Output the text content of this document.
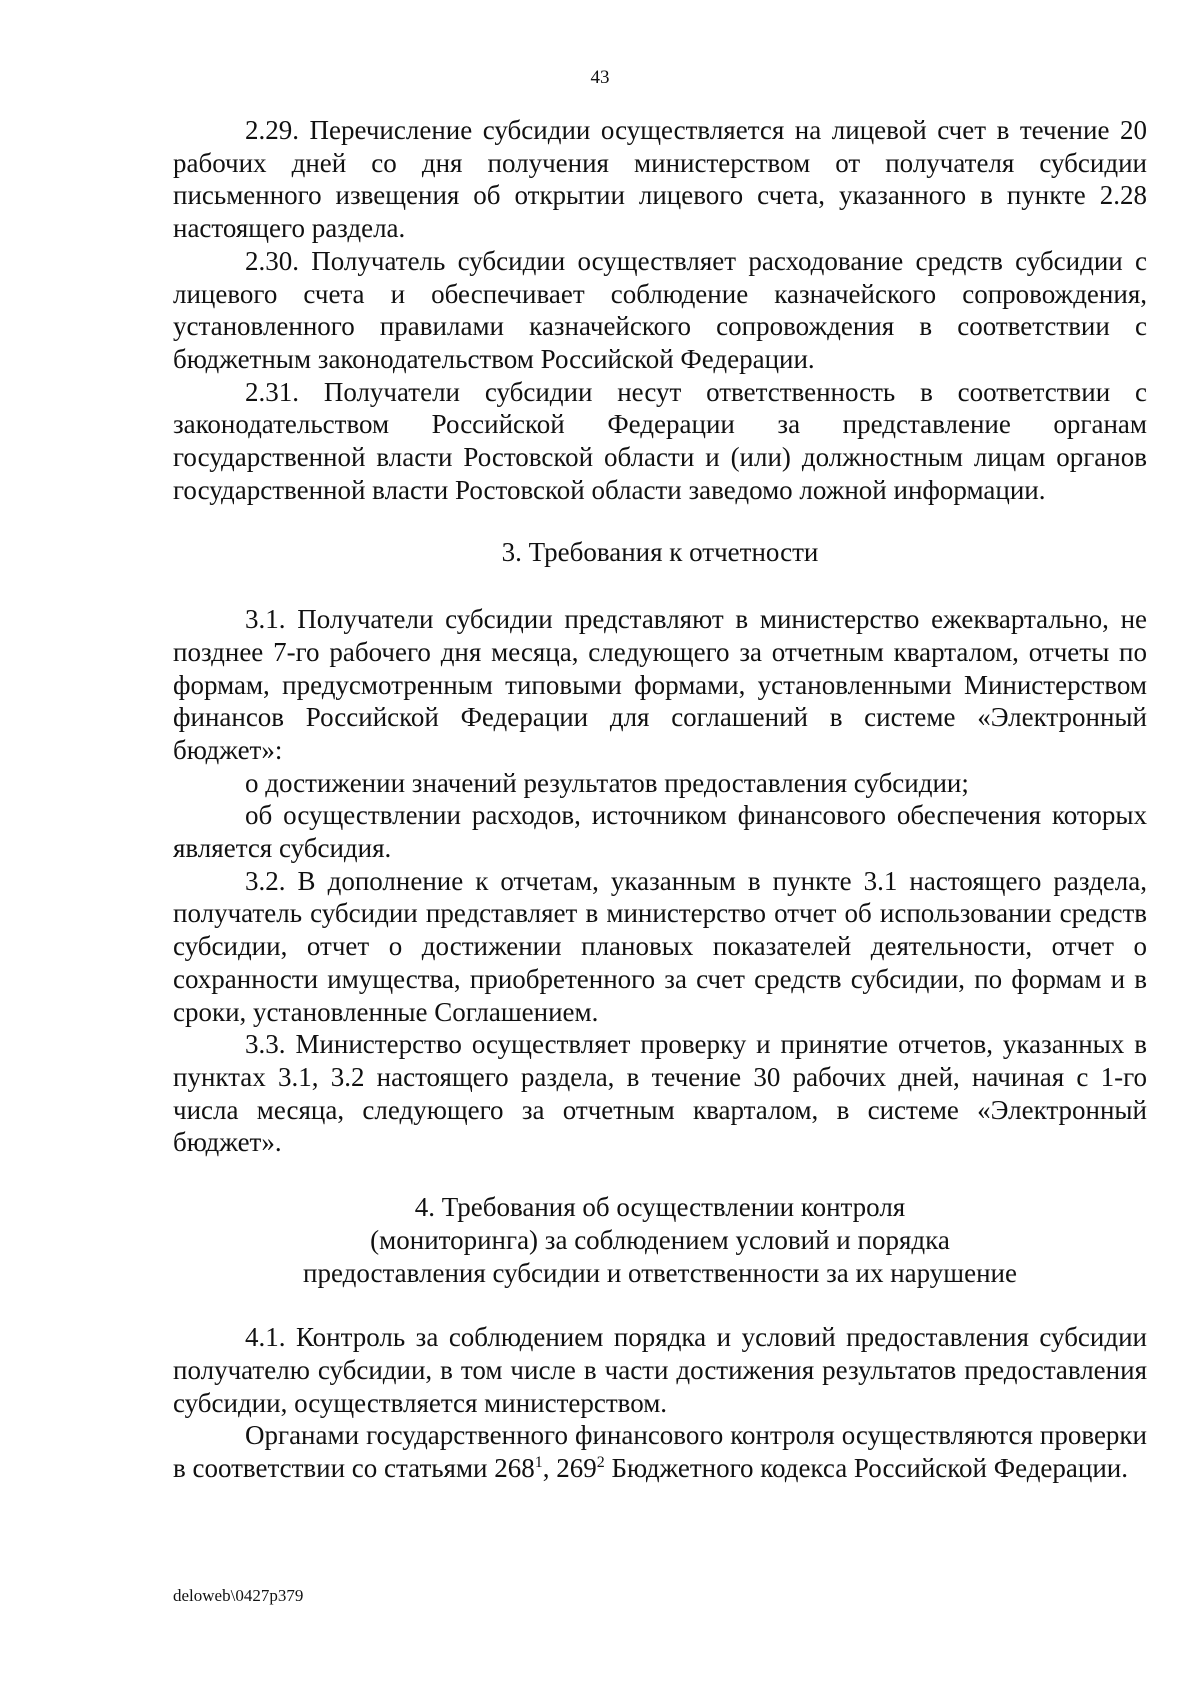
43

2.29. Перечисление субсидии осуществляется на лицевой счет в течение 20 рабочих дней со дня получения министерством от получателя субсидии письменного извещения об открытии лицевого счета, указанного в пункте 2.28 настоящего раздела.

2.30. Получатель субсидии осуществляет расходование средств субсидии с лицевого счета и обеспечивает соблюдение казначейского сопровождения, установленного правилами казначейского сопровождения в соответствии с бюджетным законодательством Российской Федерации.

2.31. Получатели субсидии несут ответственность в соответствии с законодательством Российской Федерации за представление органам государственной власти Ростовской области и (или) должностным лицам органов государственной власти Ростовской области заведомо ложной информации.

3. Требования к отчетности

3.1. Получатели субсидии представляют в министерство ежеквартально, не позднее 7-го рабочего дня месяца, следующего за отчетным кварталом, отчеты по формам, предусмотренным типовыми формами, установленными Министерством финансов Российской Федерации для соглашений в системе «Электронный бюджет»:

о достижении значений результатов предоставления субсидии;

об осуществлении расходов, источником финансового обеспечения которых является субсидия.

3.2. В дополнение к отчетам, указанным в пункте 3.1 настоящего раздела, получатель субсидии представляет в министерство отчет об использовании средств субсидии, отчет о достижении плановых показателей деятельности, отчет о сохранности имущества, приобретенного за счет средств субсидии, по формам и в сроки, установленные Соглашением.

3.3. Министерство осуществляет проверку и принятие отчетов, указанных в пунктах 3.1, 3.2 настоящего раздела, в течение 30 рабочих дней, начиная с 1-го числа месяца, следующего за отчетным кварталом, в системе «Электронный бюджет».

4. Требования об осуществлении контроля
(мониторинга) за соблюдением условий и порядка
предоставления субсидии и ответственности за их нарушение

4.1. Контроль за соблюдением порядка и условий предоставления субсидии получателю субсидии, в том числе в части достижения результатов предоставления субсидии, осуществляется министерством.

Органами государственного финансового контроля осуществляются проверки в соответствии со статьями $268^1$, $269^2$ Бюджетного кодекса Российской Федерации.

deloweb\0427p379
